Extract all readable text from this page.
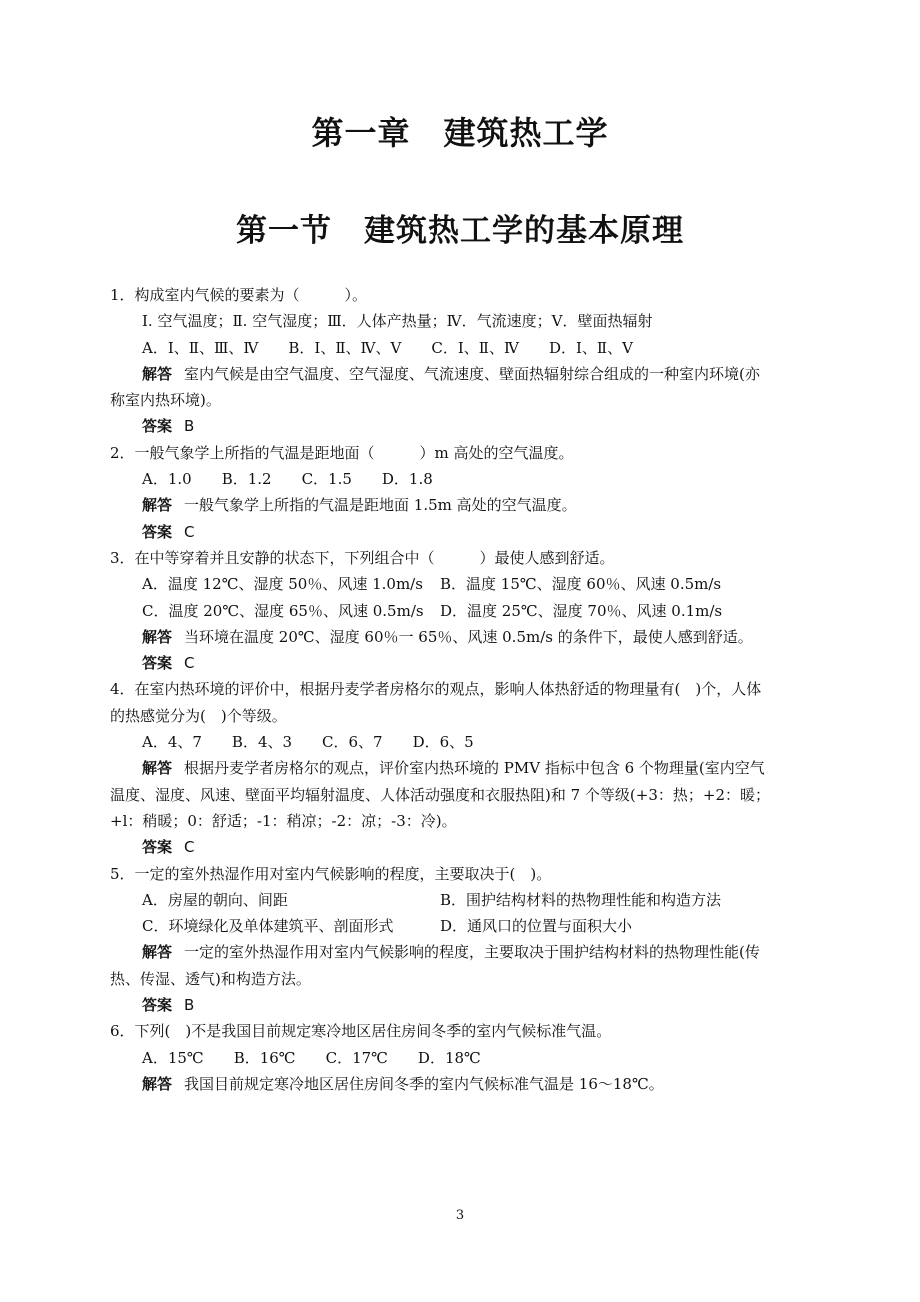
第一章　建筑热工学
第一节　建筑热工学的基本原理
1．构成室内气候的要素为（　　　）。
Ⅰ. 空气温度；Ⅱ. 空气湿度；Ⅲ．人体产热量；Ⅳ．气流速度；Ⅴ．壁面热辐射
A．Ⅰ、Ⅱ、Ⅲ、Ⅳ　　B．Ⅰ、Ⅱ、Ⅳ、Ⅴ　　C．Ⅰ、Ⅱ、Ⅳ　　D．Ⅰ、Ⅱ、Ⅴ
解答 室内气候是由空气温度、空气湿度、气流速度、壁面热辐射综合组成的一种室内环境(亦
称室内热环境)。
答案 B
2．一般气象学上所指的气温是距地面（　　　）m 高处的空气温度。
A．1.0　　B．1.2　　C．1.5　　D．1.8
解答 一般气象学上所指的气温是距地面 1.5m 高处的空气温度。
答案 C
3．在中等穿着并且安静的状态下，下列组合中（　　　）最使人感到舒适。
A．温度 12℃、湿度 50％、风速 1.0m/s B．温度 15℃、湿度 60％、风速 0.5m/s
C．温度 20℃、湿度 65％、风速 0.5m/s D．温度 25℃、湿度 70％、风速 0.1m/s
解答 当环境在温度 20℃、湿度 60％一 65％、风速 0.5m/s 的条件下，最使人感到舒适。
答案 C
4．在室内热环境的评价中，根据丹麦学者房格尔的观点，影响人体热舒适的物理量有(　)个，人体
的热感觉分为(　)个等级。
A．4、7　　B．4、3　　C．6、7　　D．6、5
解答 根据丹麦学者房格尔的观点，评价室内热环境的 PMV 指标中包含 6 个物理量(室内空气
温度、湿度、风速、壁面平均辐射温度、人体活动强度和衣服热阻)和 7 个等级(+3：热；+2：暖；
+l：稍暖；0：舒适；-1：稍凉；-2：凉；-3：冷)。
答案 C
5．一定的室外热湿作用对室内气候影响的程度，主要取决于(　)。
A．房屋的朝向、间距	B．围护结构材料的热物理性能和构造方法
C．环境绿化及单体建筑平、剖面形式	D．通风口的位置与面积大小
解答 一定的室外热湿作用对室内气候影响的程度，主要取决于围护结构材料的热物理性能(传
热、传湿、透气)和构造方法。
答案 B
6．下列(　)不是我国目前规定寒冷地区居住房间冬季的室内气候标准气温。
A．15℃　　B．16℃　　C．17℃　　D．18℃
解答 我国目前规定寒冷地区居住房间冬季的室内气候标准气温是 16～18℃。
3
